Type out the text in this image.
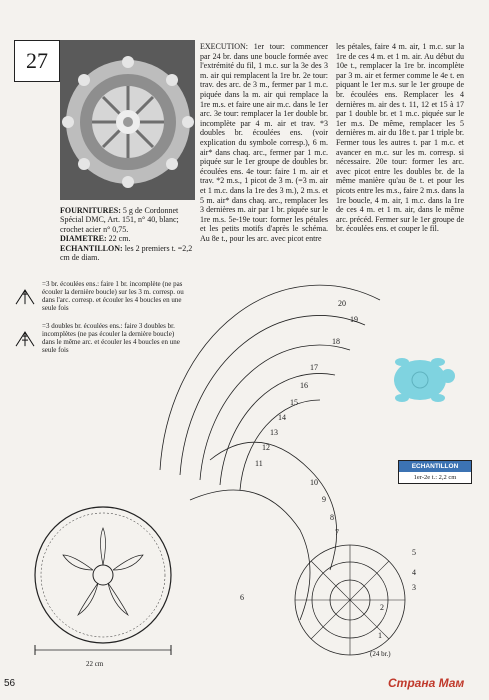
27
FOURNITURES: 5 g de Cordonnet Spécial DMC, Art. 151, n° 40, blanc; crochet acier n° 0,75.
DIAMETRE: 22 cm.
ECHANTILLON: les 2 premiers t. =2,2 cm de diam.
EXECUTION: 1er tour: commencer par 24 br. dans une boucle formée avec l'extrémité du fil, 1 m.c. sur la 3e des 3 m. air qui remplacent la 1re br. 2e tour: trav. des arc. de 3 m., fermer par 1 m.c. piquée dans la m. air qui remplace la 1re m.s. et faire une air m.c. dans le 1er arc. 3e tour: remplacer la 1er double br. incomplète par 4 m. air et trav. *3 doubles br. écoulées ens. (voir explication du symbole corresp.), 6 m. air* dans chaq. arc., fermer par 1 m.c. piquée sur le 1er groupe de doubles br. écoulées ens. 4e tour: faire 1 m. air et trav. *2 m.s., 1 picot de 3 m. (=3 m. air et 1 m.c. dans la 1re des 3 m.), 2 m.s. et 5 m. air* dans chaq. arc., remplacer les 3 dernières m. air par 1 br. piquée sur le 1re m.s. 5e-19e tour: former les pétales et les petits motifs d'après le schéma. Au 8e t., pour les arc. avec picot entre
les pétales, faire 4 m. air, 1 m.c. sur la 1re de ces 4 m. et 1 m. air. Au début du 10e t., remplacer la 1re br. incomplète par 3 m. air et fermer comme le 4e t. en piquant le 1er m.s. sur le 1er groupe de br. écoulées ens. Remplacer les 4 dernières m. air des t. 11, 12 et 15 à 17 par 1 double br. et 1 m.c. piquée sur le 1er m.s. De même, remplacer les 5 dernières m. air du 18e t. par 1 triple br. Fermer tous les autres t. par 1 m.c. et avancer en m.c. sur les m. corresp. si nécessaire. 20e tour: former les arc. avec picot entre les doubles br. de la même manière qu'au 8e t. et pour les picots entre les m.s., faire 2 m.s. dans la 1re boucle, 4 m. air, 1 m.c. dans la 1re de ces 4 m. et 1 m. air, dans le même arc. précéd. Fermer sur le 1er groupe de br. écoulées ens. et couper le fil.
=3 br. écoulées ens.: faire 1 br. incomplète (ne pas écouler la dernière boucle) sur les 3 m. corresp. ou dans l'arc. corresp. et écouler les 4 boucles en une seule fois
=3 doubles br. écoulées ens.: faire 3 doubles br. incomplètes (ne pas écouler la dernière boucle) dans le même arc. et écouler les 4 boucles en une seule fois
20
19
18
17
16
15
14
13
12
11
10
9
8
7
6
5
4
3
2
1
22 cm
(24 br.)
ECHANTILLON
1er-2e t.: 2,2 cm
56	Страна Мам
